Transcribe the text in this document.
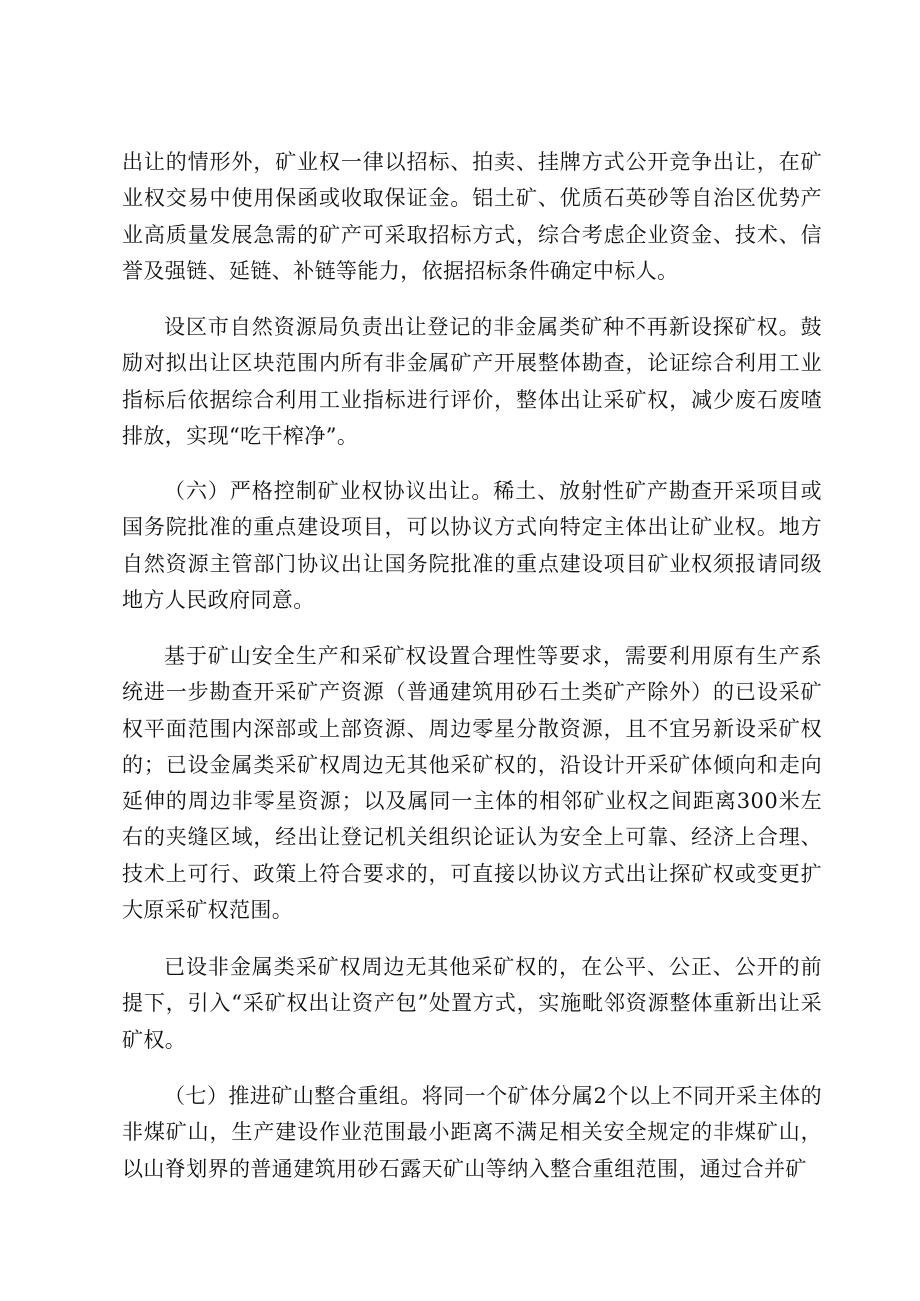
出让的情形外，矿业权一律以招标、拍卖、挂牌方式公开竞争出让，在矿业权交易中使用保函或收取保证金。铝土矿、优质石英砂等自治区优势产业高质量发展急需的矿产可采取招标方式，综合考虑企业资金、技术、信誉及强链、延链、补链等能力，依据招标条件确定中标人。

设区市自然资源局负责出让登记的非金属类矿种不再新设探矿权。鼓励对拟出让区块范围内所有非金属矿产开展整体勘查，论证综合利用工业指标后依据综合利用工业指标进行评价，整体出让采矿权，减少废石废喳排放，实现“吃干榨净”。

（六）严格控制矿业权协议出让。稀土、放射性矿产勘查开采项目或国务院批准的重点建设项目，可以协议方式向特定主体出让矿业权。地方自然资源主管部门协议出让国务院批准的重点建设项目矿业权须报请同级地方人民政府同意。

基于矿山安全生产和采矿权设置合理性等要求，需要利用原有生产系统进一步勘查开采矿产资源（普通建筑用砂石土类矿产除外）的已设采矿权平面范围内深部或上部资源、周边零星分散资源，且不宜另新设采矿权的；已设金属类采矿权周边无其他采矿权的，沿设计开采矿体倾向和走向延伸的周边非零星资源；以及属同一主体的相邻矿业权之间距离300米左右的夹缝区域，经出让登记机关组织论证认为安全上可靠、经济上合理、技术上可行、政策上符合要求的，可直接以协议方式出让探矿权或变更扩大原采矿权范围。

已设非金属类采矿权周边无其他采矿权的，在公平、公正、公开的前提下，引入“采矿权出让资产包”处置方式，实施毗邻资源整体重新出让采矿权。

（七）推进矿山整合重组。将同一个矿体分属2个以上不同开采主体的非煤矿山，生产建设作业范围最小距离不满足相关安全规定的非煤矿山，以山脊划界的普通建筑用砂石露天矿山等纳入整合重组范围，通过合并矿
